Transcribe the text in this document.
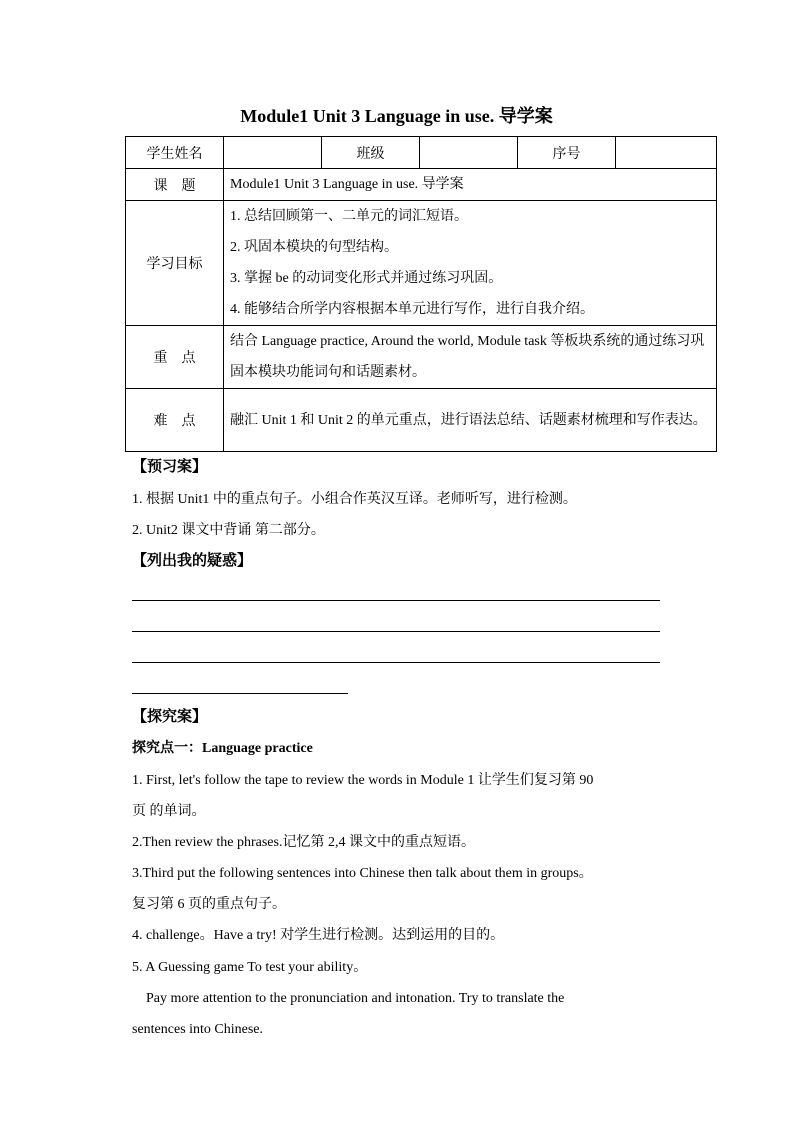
Module1 Unit 3 Language in use. 导学案
学生姓名		班级		序号	
课　题	Module1 Unit 3 Language in use. 导学案				

学习目标	1. 总结回顾第一、二单元的词汇短语。
2. 巩固本模块的句型结构。
3. 掌握 be 的动词变化形式并通过练习巩固。
4. 能够结合所学内容根据本单元进行写作，进行自我介绍。				

重　点	结合 Language practice, Around the world, Module task 等板块系统的通过练习巩固本模块功能词句和话题素材。				

难　点	融汇 Unit 1 和 Unit 2 的单元重点，进行语法总结、话题素材梳理和写作表达。				
【预习案】
1. 根据 Unit1 中的重点句子。小组合作英汉互译。老师听写，进行检测。
2. Unit2 课文中背诵 第二部分。
【列出我的疑惑】
【探究案】
探究点一：Language practice
1. First, let's follow the tape to review the words in Module 1 让学生们复习第 90
页 的单词。
2.Then review the phrases.记忆第 2,4 课文中的重点短语。
3.Third put the following sentences into Chinese then talk about them in groups。
复习第 6 页的重点句子。
4. challenge。Have a try! 对学生进行检测。达到运用的目的。
5. A Guessing game To test your ability。
Pay more attention to the pronunciation and intonation. Try to translate the
sentences into Chinese.
